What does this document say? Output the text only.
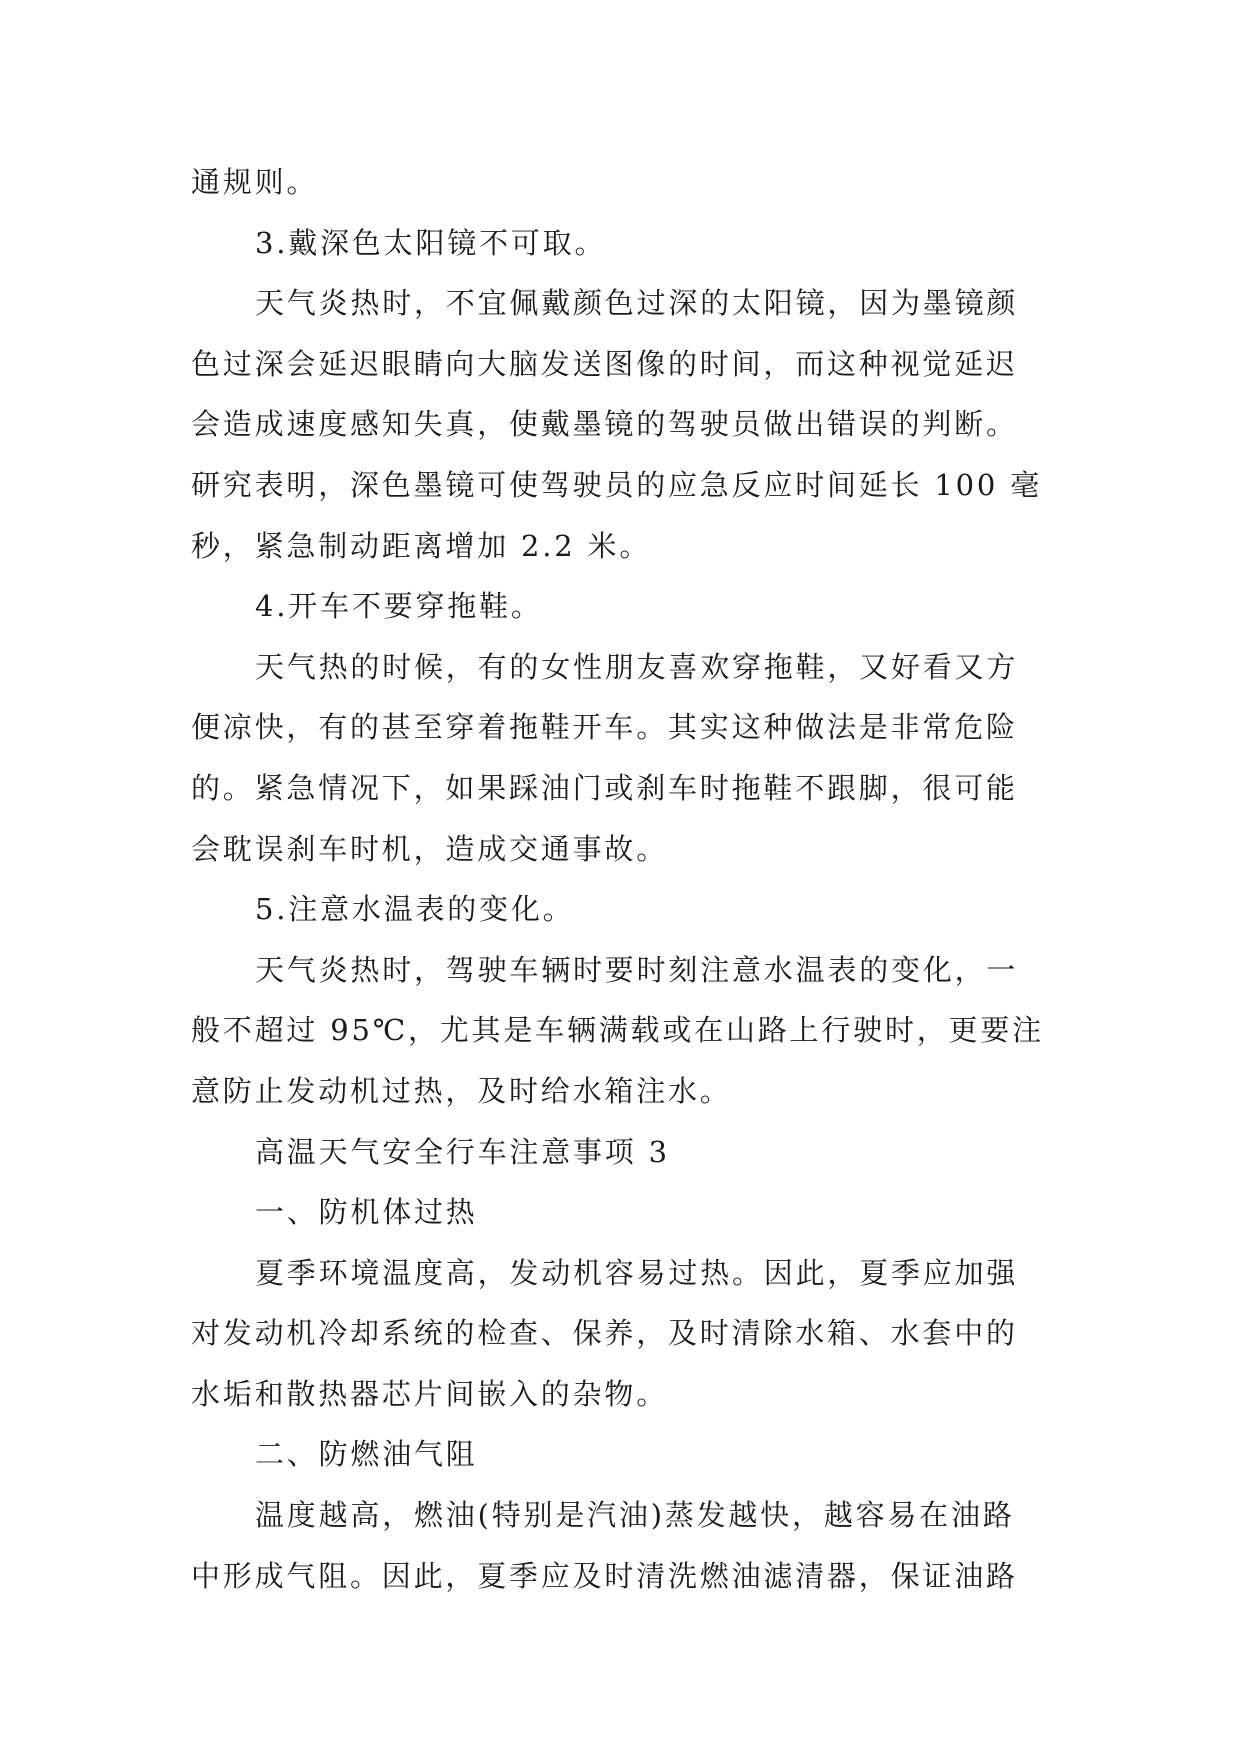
通规则。
3.戴深色太阳镜不可取。
天气炎热时，不宜佩戴颜色过深的太阳镜，因为墨镜颜
色过深会延迟眼睛向大脑发送图像的时间，而这种视觉延迟
会造成速度感知失真，使戴墨镜的驾驶员做出错误的判断。
研究表明，深色墨镜可使驾驶员的应急反应时间延长 100 毫
秒，紧急制动距离增加 2.2 米。
4.开车不要穿拖鞋。
天气热的时候，有的女性朋友喜欢穿拖鞋，又好看又方
便凉快，有的甚至穿着拖鞋开车。其实这种做法是非常危险
的。紧急情况下，如果踩油门或刹车时拖鞋不跟脚，很可能
会耽误刹车时机，造成交通事故。
5.注意水温表的变化。
天气炎热时，驾驶车辆时要时刻注意水温表的变化，一
般不超过 95℃，尤其是车辆满载或在山路上行驶时，更要注
意防止发动机过热，及时给水箱注水。
高温天气安全行车注意事项 3
一、防机体过热
夏季环境温度高，发动机容易过热。因此，夏季应加强
对发动机冷却系统的检查、保养，及时清除水箱、水套中的
水垢和散热器芯片间嵌入的杂物。
二、防燃油气阻
温度越高，燃油(特别是汽油)蒸发越快，越容易在油路
中形成气阻。因此，夏季应及时清洗燃油滤清器，保证油路
